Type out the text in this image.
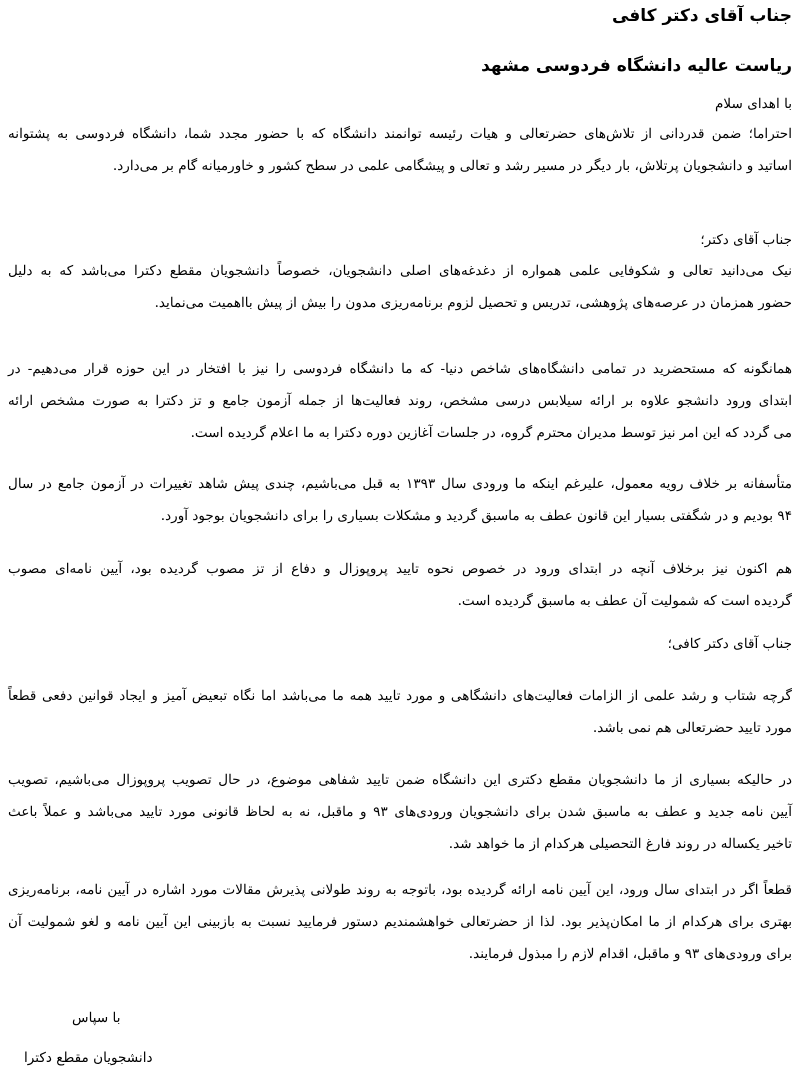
جناب آقای دکتر کافی
ریاست عالیه دانشگاه فردوسی مشهد
با اهدای سلام
احتراما؛ ضمن قدردانی از تلاش‌های حضرتعالی و هیات رئیسه توانمند دانشگاه که با حضور مجدد شما، دانشگاه فردوسی به پشتوانه
اساتید و دانشجویان پرتلاش، بار دیگر در مسیر رشد و تعالی و پیشگامی علمی در سطح کشور و خاورمیانه گام بر می‌دارد.
جناب آقای دکتر؛
نیک می‌دانید تعالی و شکوفایی علمی همواره از دغدغه‌های اصلی دانشجویان، خصوصاً دانشجویان مقطع دکترا می‌باشد که به دلیل
حضور همزمان در عرصه‌های پژوهشی، تدریس و تحصیل لزوم برنامه‌ریزی مدون را بیش از پیش بااهمیت می‌نماید.
همانگونه که مستحضرید در تمامی دانشگاه‌های شاخص دنیا- که ما دانشگاه فردوسی را نیز با افتخار در این حوزه قرار می‌دهیم- در
ابتدای ورود دانشجو علاوه بر ارائه سیلابس درسی مشخص، روند فعالیت‌ها از جمله آزمون جامع و تز دکترا به صورت مشخص ارائه
می گردد که این امر نیز توسط مدیران محترم گروه، در جلسات آغازین دوره دکترا به ما اعلام گردیده است.
متأسفانه بر خلاف رویه معمول، علیرغم اینکه ما ورودی سال ۱۳۹۳ به قبل می‌باشیم، چندی پیش شاهد تغییرات در آزمون جامع در سال
۹۴ بودیم و در شگفتی بسیار این قانون عطف به ماسبق گردید و مشکلات بسیاری را برای دانشجویان بوجود آورد.
هم اکنون نیز برخلاف آنچه در ابتدای ورود در خصوص نحوه تایید پروپوزال و دفاع از تز مصوب گردیده بود، آیین نامه‌ای مصوب
گردیده است که شمولیت آن عطف به ماسبق گردیده است.
جناب آقای دکتر کافی؛
گرچه شتاب و رشد علمی از الزامات فعالیت‌های دانشگاهی و مورد تایید همه ما می‌باشد اما نگاه تبعیض آمیز و ایجاد قوانین دفعی قطعاً
مورد تایید حضرتعالی هم نمی باشد.
در حالیکه بسیاری از ما دانشجویان مقطع دکتری این دانشگاه ضمن تایید شفاهی موضوع، در حال تصویب پروپوزال می‌باشیم، تصویب
آیین نامه جدید و عطف به ماسبق شدن برای دانشجویان ورودی‌های ۹۳ و ماقبل، نه به لحاظ قانونی مورد تایید می‌باشد و عملاً باعث
تاخیر یکساله در روند فارغ التحصیلی هرکدام از ما خواهد شد.
قطعاً اگر در ابتدای سال ورود، این آیین نامه ارائه گردیده بود، باتوجه به روند طولانی پذیرش مقالات مورد اشاره در آیین نامه، برنامه‌ریزی
بهتری برای هرکدام از ما امکان‌پذیر بود. لذا از حضرتعالی خواهشمندیم دستور فرمایید نسبت به بازبینی این آیین نامه و لغو شمولیت آن
برای ورودی‌های ۹۳ و ماقبل، اقدام لازم را مبذول فرمایند.
با سپاس
دانشجویان مقطع دکترا
